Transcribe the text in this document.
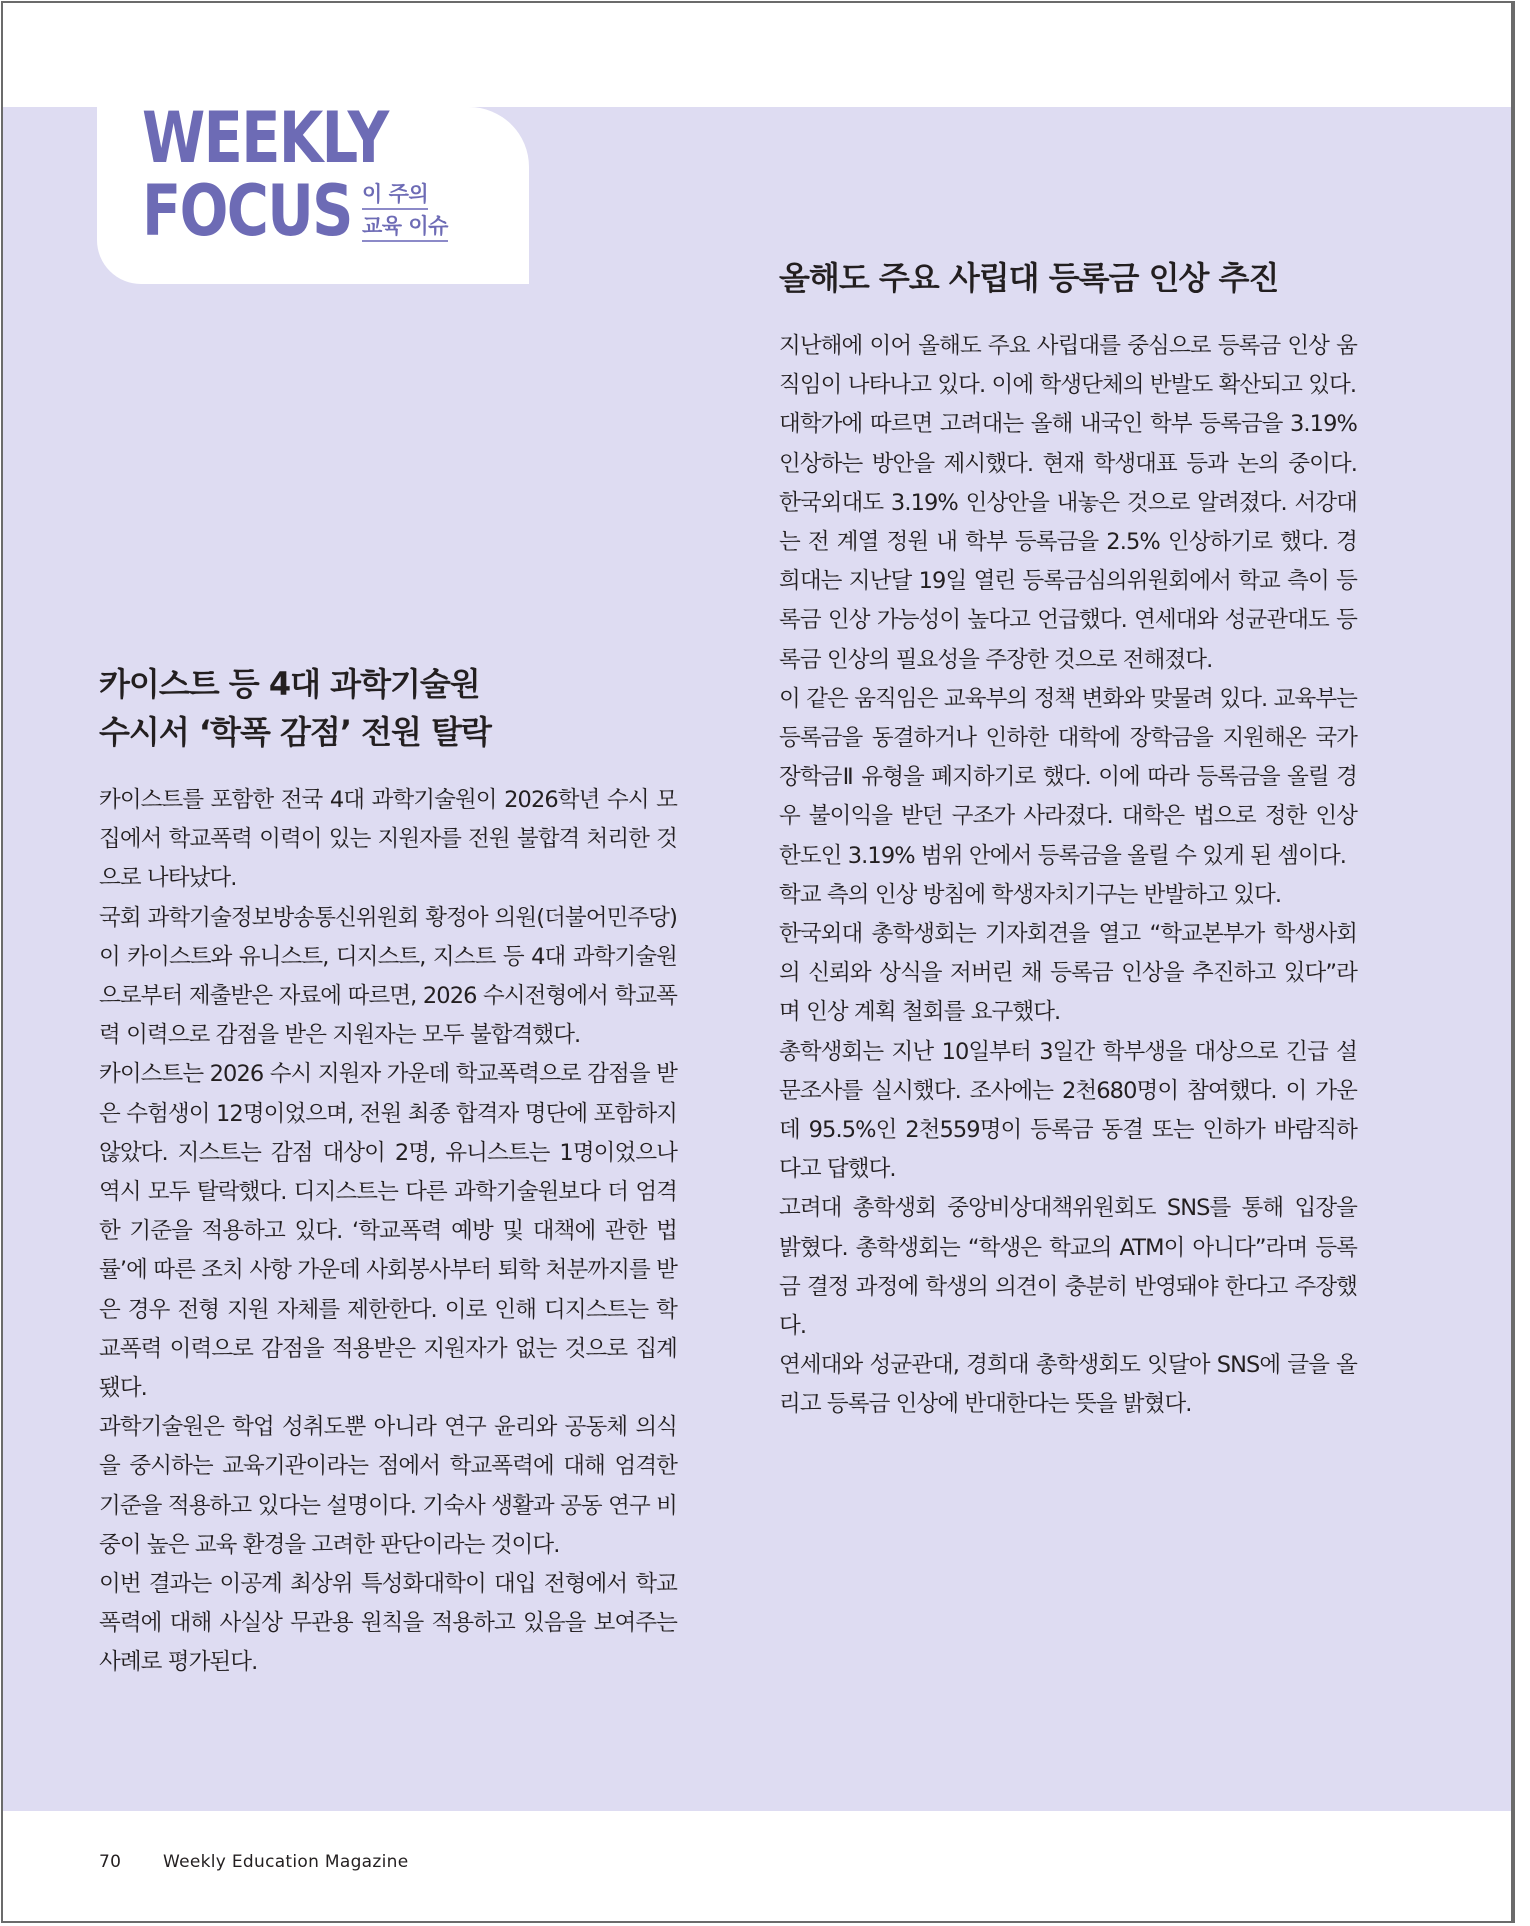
WEEKLY
FOCUS 이 주의
교육 이슈
올해도 주요 사립대 등록금 인상 추진

지난해에 이어 올해도 주요 사립대를 중심으로 등록금 인상 움직임이 나타나고 있다. 이에 학생단체의 반발도 확산되고 있다.

대학가에 따르면 고려대는 올해 내국인 학부 등록금을 3.19% 인상하는 방안을 제시했다. 현재 학생대표 등과 논의 중이다. 한국외대도 3.19% 인상안을 내놓은 것으로 알려졌다. 서강대는 전 계열 정원 내 학부 등록금을 2.5% 인상하기로 했다. 경희대는 지난달 19일 열린 등록금심의위원회에서 학교 측이 등록금 인상 가능성이 높다고 언급했다. 연세대와 성균관대도 등록금 인상의 필요성을 주장한 것으로 전해졌다.

이 같은 움직임은 교육부의 정책 변화와 맞물려 있다. 교육부는 등록금을 동결하거나 인하한 대학에 장학금을 지원해온 국가장학금Ⅱ 유형을 폐지하기로 했다. 이에 따라 등록금을 올릴 경우 불이익을 받던 구조가 사라졌다. 대학은 법으로 정한 인상 한도인 3.19% 범위 안에서 등록금을 올릴 수 있게 된 셈이다.

학교 측의 인상 방침에 학생자치기구는 반발하고 있다.

한국외대 총학생회는 기자회견을 열고 “학교본부가 학생사회의 신뢰와 상식을 저버린 채 등록금 인상을 추진하고 있다”라며 인상 계획 철회를 요구했다.

총학생회는 지난 10일부터 3일간 학부생을 대상으로 긴급 설문조사를 실시했다. 조사에는 2천680명이 참여했다. 이 가운데 95.5%인 2천559명이 등록금 동결 또는 인하가 바람직하다고 답했다.

고려대 총학생회 중앙비상대책위원회도 SNS를 통해 입장을 밝혔다. 총학생회는 “학생은 학교의 ATM이 아니다”라며 등록금 결정 과정에 학생의 의견이 충분히 반영돼야 한다고 주장했다.

연세대와 성균관대, 경희대 총학생회도 잇달아 SNS에 글을 올리고 등록금 인상에 반대한다는 뜻을 밝혔다.

카이스트 등 4대 과학기술원
수시서 ‘학폭 감점’ 전원 탈락

카이스트를 포함한 전국 4대 과학기술원이 2026학년 수시 모집에서 학교폭력 이력이 있는 지원자를 전원 불합격 처리한 것으로 나타났다.

국회 과학기술정보방송통신위원회 황정아 의원(더불어민주당)이 카이스트와 유니스트, 디지스트, 지스트 등 4대 과학기술원으로부터 제출받은 자료에 따르면, 2026 수시전형에서 학교폭력 이력으로 감점을 받은 지원자는 모두 불합격했다.

카이스트는 2026 수시 지원자 가운데 학교폭력으로 감점을 받은 수험생이 12명이었으며, 전원 최종 합격자 명단에 포함하지 않았다. 지스트는 감점 대상이 2명, 유니스트는 1명이었으나 역시 모두 탈락했다. 디지스트는 다른 과학기술원보다 더 엄격한 기준을 적용하고 있다. ‘학교폭력 예방 및 대책에 관한 법률’에 따른 조치 사항 가운데 사회봉사부터 퇴학 처분까지를 받은 경우 전형 지원 자체를 제한한다. 이로 인해 디지스트는 학교폭력 이력으로 감점을 적용받은 지원자가 없는 것으로 집계됐다.

과학기술원은 학업 성취도뿐 아니라 연구 윤리와 공동체 의식을 중시하는 교육기관이라는 점에서 학교폭력에 대해 엄격한 기준을 적용하고 있다는 설명이다. 기숙사 생활과 공동 연구 비중이 높은 교육 환경을 고려한 판단이라는 것이다.

이번 결과는 이공계 최상위 특성화대학이 대입 전형에서 학교폭력에 대해 사실상 무관용 원칙을 적용하고 있음을 보여주는 사례로 평가된다.

70 Weekly Education Magazine
